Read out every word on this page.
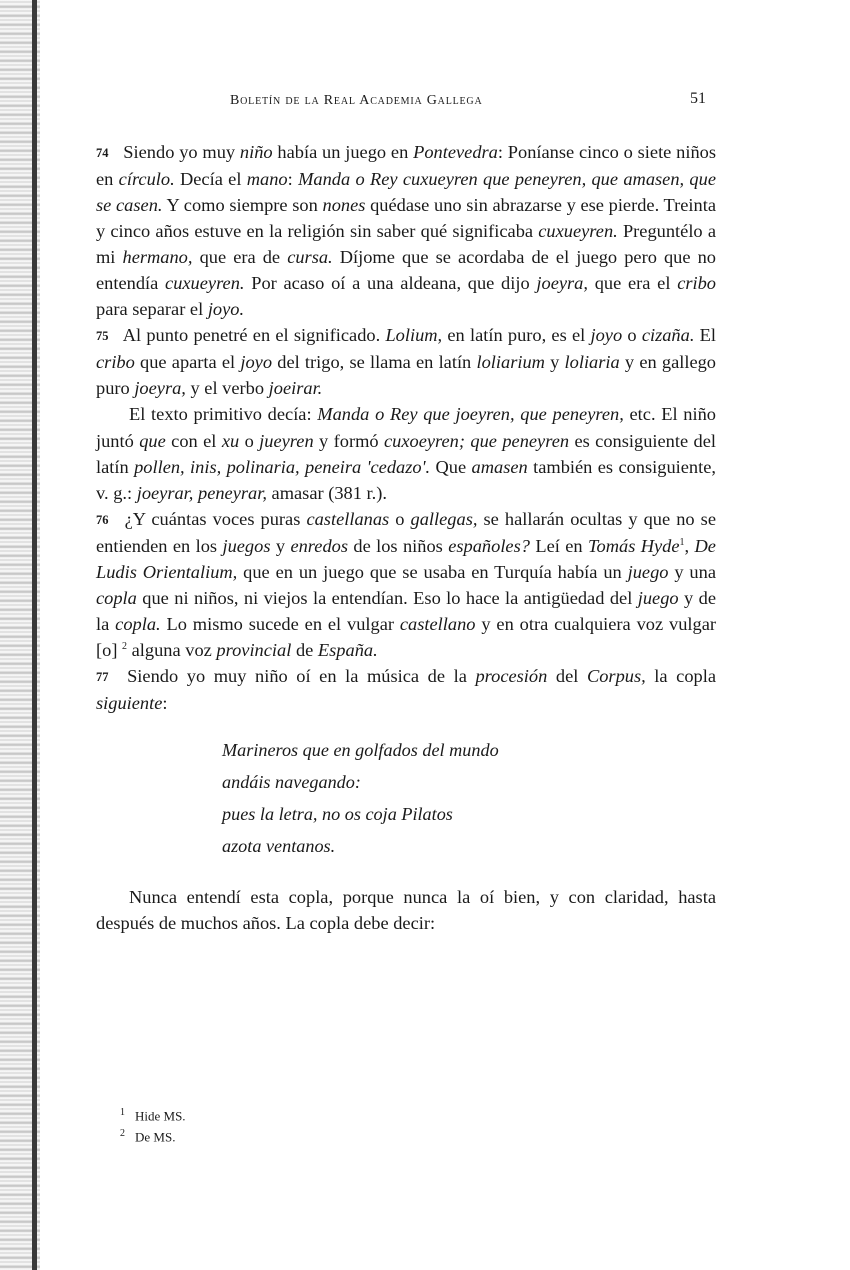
Boletín de la Real Academia Gallega	51

74 Siendo yo muy niño había un juego en Pontevedra: Poníanse cinco o siete niños en círculo. Decía el mano: Manda o Rey cuxueyren que peneyren, que amasen, que se casen. Y como siempre son nones quédase uno sin abrazarse y ese pierde. Treinta y cinco años estuve en la religión sin saber qué significaba cuxueyren. Preguntélo a mi hermano, que era de cursa. Díjome que se acordaba de el juego pero que no entendía cuxueyren. Por acaso oí a una aldeana, que dijo joeyra, que era el cribo para separar el joyo.

75 Al punto penetré en el significado. Lolium, en latín puro, es el joyo o cizaña. El cribo que aparta el joyo del trigo, se llama en latín loliarium y loliaria y en gallego puro joeyra, y el verbo joeirar.

El texto primitivo decía: Manda o Rey que joeyren, que peneyren, etc. El niño juntó que con el xu o jueyren y formó cuxoeyren; que peneyren es consiguiente del latín pollen, inis, polinaria, peneira 'cedazo'. Que amasen también es consiguiente, v. g.: joeyrar, peneyrar, amasar (381 r.).

76 ¿Y cuántas voces puras castellanas o gallegas, se hallarán ocultas y que no se entienden en los juegos y enredos de los niños españoles? Leí en Tomás Hyde$^1$, De Ludis Orientalium, que en un juego que se usaba en Turquía había un juego y una copla que ni niños, ni viejos la entendían. Eso lo hace la antigüedad del juego y de la copla. Lo mismo sucede en el vulgar castellano y en otra cualquiera voz vulgar [o] $^2$ alguna voz provincial de España.

77 Siendo yo muy niño oí en la música de la procesión del Corpus, la copla siguiente:

Marineros que en golfados del mundo
andáis navegando:
pues la letra, no os coja Pilatos
azota ventanos.

Nunca entendí esta copla, porque nunca la oí bien, y con claridad, hasta después de muchos años. La copla debe decir:

$^1$ Hide MS.
$^2$ De MS.
